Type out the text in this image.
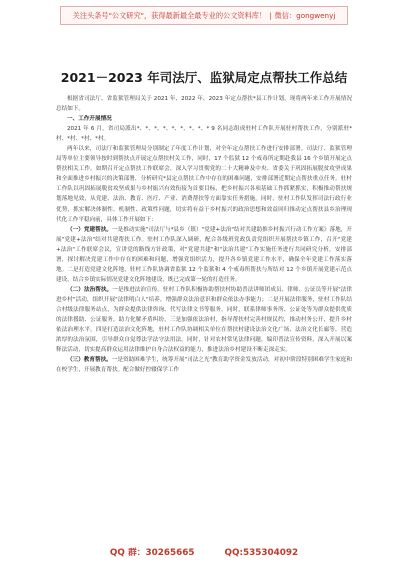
关注头条号"公文研究"，获得最新最全最专业的公文资料库！ | 微信：gongwenyj
2021－2023 年司法厅、监狱局定点帮扶工作总结

根据省司法厅、省监狱管理局关于 2021 年、2022 年、2023 年定点帮扶*县工作计划，现将两年来工作开展情况总结如下。

一、工作开展情况

2021 年 6 月，省司局派出*、*、*、*、*、*、*、*、* 9 名同志组成驻村工作队开展驻村帮扶工作，分别派驻*村、*村、*村、*村。

两年以来，司法厅和监狱管理局分别制定了年度工作计划，对全年定点帮扶工作进行安排部署。司法厅、监狱管理局等单位主要领导按时到帮扶点开展定点帮扶村关工作，同时，17 个监狱 12 个戒毒所定期赴我县 16 个乡镇开展定点帮扶相关工作。如期召开定点帮扶工作联席会，深入学习贯彻党的二十大精神及中央、省委关于巩固拓展脱贫攻坚成果和全面推进乡村振兴的决策部署，分析研究*县定点帮扶工作中存在的困难问题，安排部署近期定点帮扶重点任务。驻村工作队以巩固拓展脱贫攻坚成果与乡村振兴有效衔接为首要目标，把乡村振兴各项基础工作抓紧抓实，积极推动帮扶规划落地见效，从党建、法治、教育、医疗、产业、消费帮扶等方面靠实任务措施。同时，驻村工作队发挥司法行政行业优势，抓实解决体制性、机制性、政策性问题，切实将有益于乡村振兴的政治思想和效益回归推动定点帮扶县乡治理现代化工作平稳向前，具体工作开展如下：

（一）党建帮扶。一是推动实施"司法厅与*县乡（镇）"党建+法治"结对共建助推乡村振兴行动工作方案》落地，开展"党建+法治"结对共建帮扶工作。驻村工作队深入调研，配合各级班党政负责党组织开展帮扶乡镇工作，召开"党建+法治"工作联席会议，宣讲党的路线方针政策，对"党建共建"和"法治共建"工作实施任务进行共同研究分析，安排部署，探讨解决党建工作中存在的困难和问题，增强党组织活力，提升各乡镇党建工作水平，确保全年党建工作落实落地。二是打造党建文化阵地，驻村工作队协调省监狱 12 个监狱和 4 个戒毒所帮扶与所结对 12 个乡镇开展党建示范点建设，结合乡镇实际情况党建文化阵地建设，既已完成第一轮的打造任务。

（二）法治帮扶。一是推进法治宣传。驻村工作队积极协助帮扶村协助普法讲师团成员、律师、公证员等开展"法律进乡村"活动，组织开展"法律明白人"培养，增强群众法治意识和群众依法办事能力；二是开展法律服务，驻村工作队结合村级法律服务站点，为群众提供法律咨询、代写法律文书等服务。同时，联系律师事务所、公证处等为群众提供优质的法律援助、公证服务，助力化解矛盾纠纷。三是加强依法治村，指导帮扶村完善村规民约，推动村务公开，提升乡村依法治理水平。四是打造法治文化阵地，驻村工作队协调相关单位在帮扶村建设法治文化广场、法治文化长廊等，营造浓厚的法治氛围，引导群众自觉尊法学法守法用法。同时，针对农村常见法律问题，编印普法宣传资料，深入开展以案释法活动，切实提高群众运用法律维护自身合法权益的能力，推进法治乡村建设不断走深走实。

（三）教育帮扶。一是资助困难学生，统筹开展"司法之光"教育助学资金发放活动，对初中阶段特别困难学生家庭和在校学生，开展教育帮扶。配合做好控辍保学工作

QQ 群：30265665	QQ:535304092
